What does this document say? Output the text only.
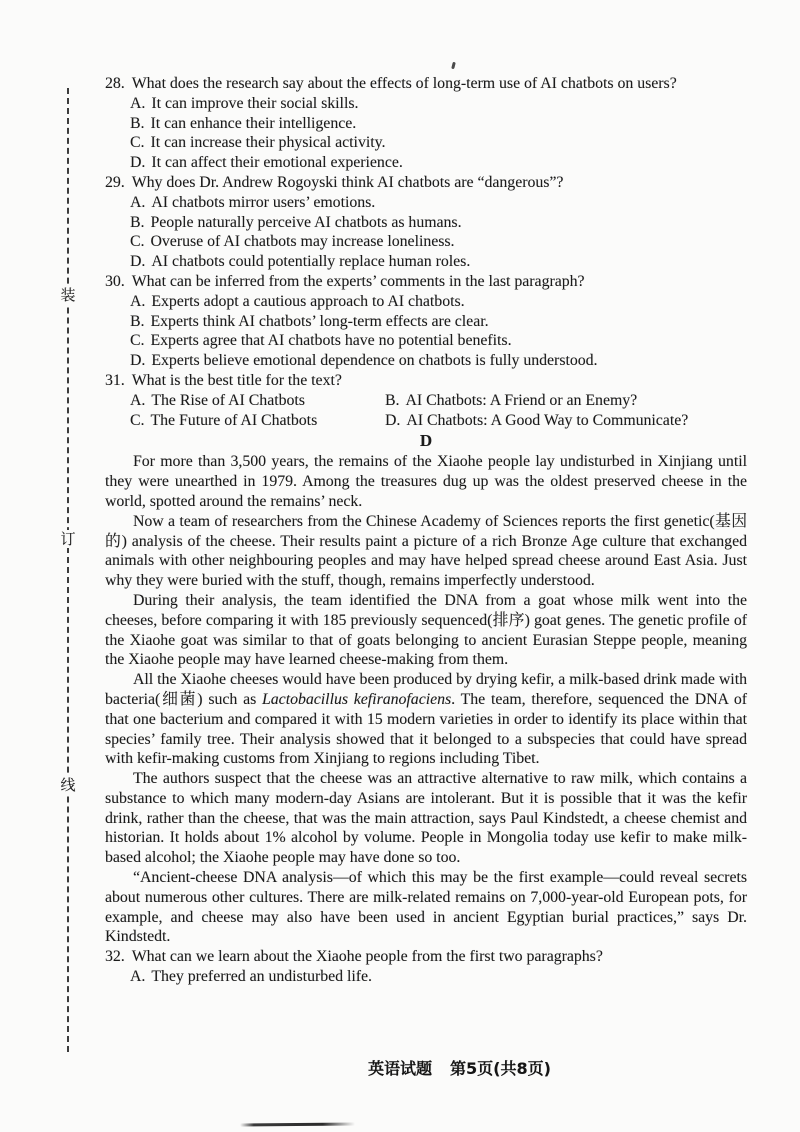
装
订
线
28. What does the research say about the effects of long-term use of AI chatbots on users?
A. It can improve their social skills.
B. It can enhance their intelligence.
C. It can increase their physical activity.
D. It can affect their emotional experience.
29. Why does Dr. Andrew Rogoyski think AI chatbots are “dangerous”?
A. AI chatbots mirror users’ emotions.
B. People naturally perceive AI chatbots as humans.
C. Overuse of AI chatbots may increase loneliness.
D. AI chatbots could potentially replace human roles.
30. What can be inferred from the experts’ comments in the last paragraph?
A. Experts adopt a cautious approach to AI chatbots.
B. Experts think AI chatbots’ long-term effects are clear.
C. Experts agree that AI chatbots have no potential benefits.
D. Experts believe emotional dependence on chatbots is fully understood.
31. What is the best title for the text?
A. The Rise of AI Chatbots	B. AI Chatbots: A Friend or an Enemy?
C. The Future of AI Chatbots	D. AI Chatbots: A Good Way to Communicate?
D

For more than 3,500 years, the remains of the Xiaohe people lay undisturbed in Xinjiang until they were unearthed in 1979. Among the treasures dug up was the oldest preserved cheese in the world, spotted around the remains’ neck.

Now a team of researchers from the Chinese Academy of Sciences reports the first genetic(基因的) analysis of the cheese. Their results paint a picture of a rich Bronze Age culture that exchanged animals with other neighbouring peoples and may have helped spread cheese around East Asia. Just why they were buried with the stuff, though, remains imperfectly understood.

During their analysis, the team identified the DNA from a goat whose milk went into the cheeses, before comparing it with 185 previously sequenced(排序) goat genes. The genetic profile of the Xiaohe goat was similar to that of goats belonging to ancient Eurasian Steppe people, meaning the Xiaohe people may have learned cheese-making from them.

All the Xiaohe cheeses would have been produced by drying kefir, a milk-based drink made with bacteria(细菌) such as Lactobacillus kefiranofaciens. The team, therefore, sequenced the DNA of that one bacterium and compared it with 15 modern varieties in order to identify its place within that species’ family tree. Their analysis showed that it belonged to a subspecies that could have spread with kefir-making customs from Xinjiang to regions including Tibet.

The authors suspect that the cheese was an attractive alternative to raw milk, which contains a substance to which many modern-day Asians are intolerant. But it is possible that it was the kefir drink, rather than the cheese, that was the main attraction, says Paul Kindstedt, a cheese chemist and historian. It holds about 1% alcohol by volume. People in Mongolia today use kefir to make milk-based alcohol; the Xiaohe people may have done so too.

“Ancient-cheese DNA analysis—of which this may be the first example—could reveal secrets about numerous other cultures. There are milk-related remains on 7,000-year-old European pots, for example, and cheese may also have been used in ancient Egyptian burial practices,” says Dr. Kindstedt.

32. What can we learn about the Xiaohe people from the first two paragraphs?
A. They preferred an undisturbed life.
英语试题 第5页(共8页)
